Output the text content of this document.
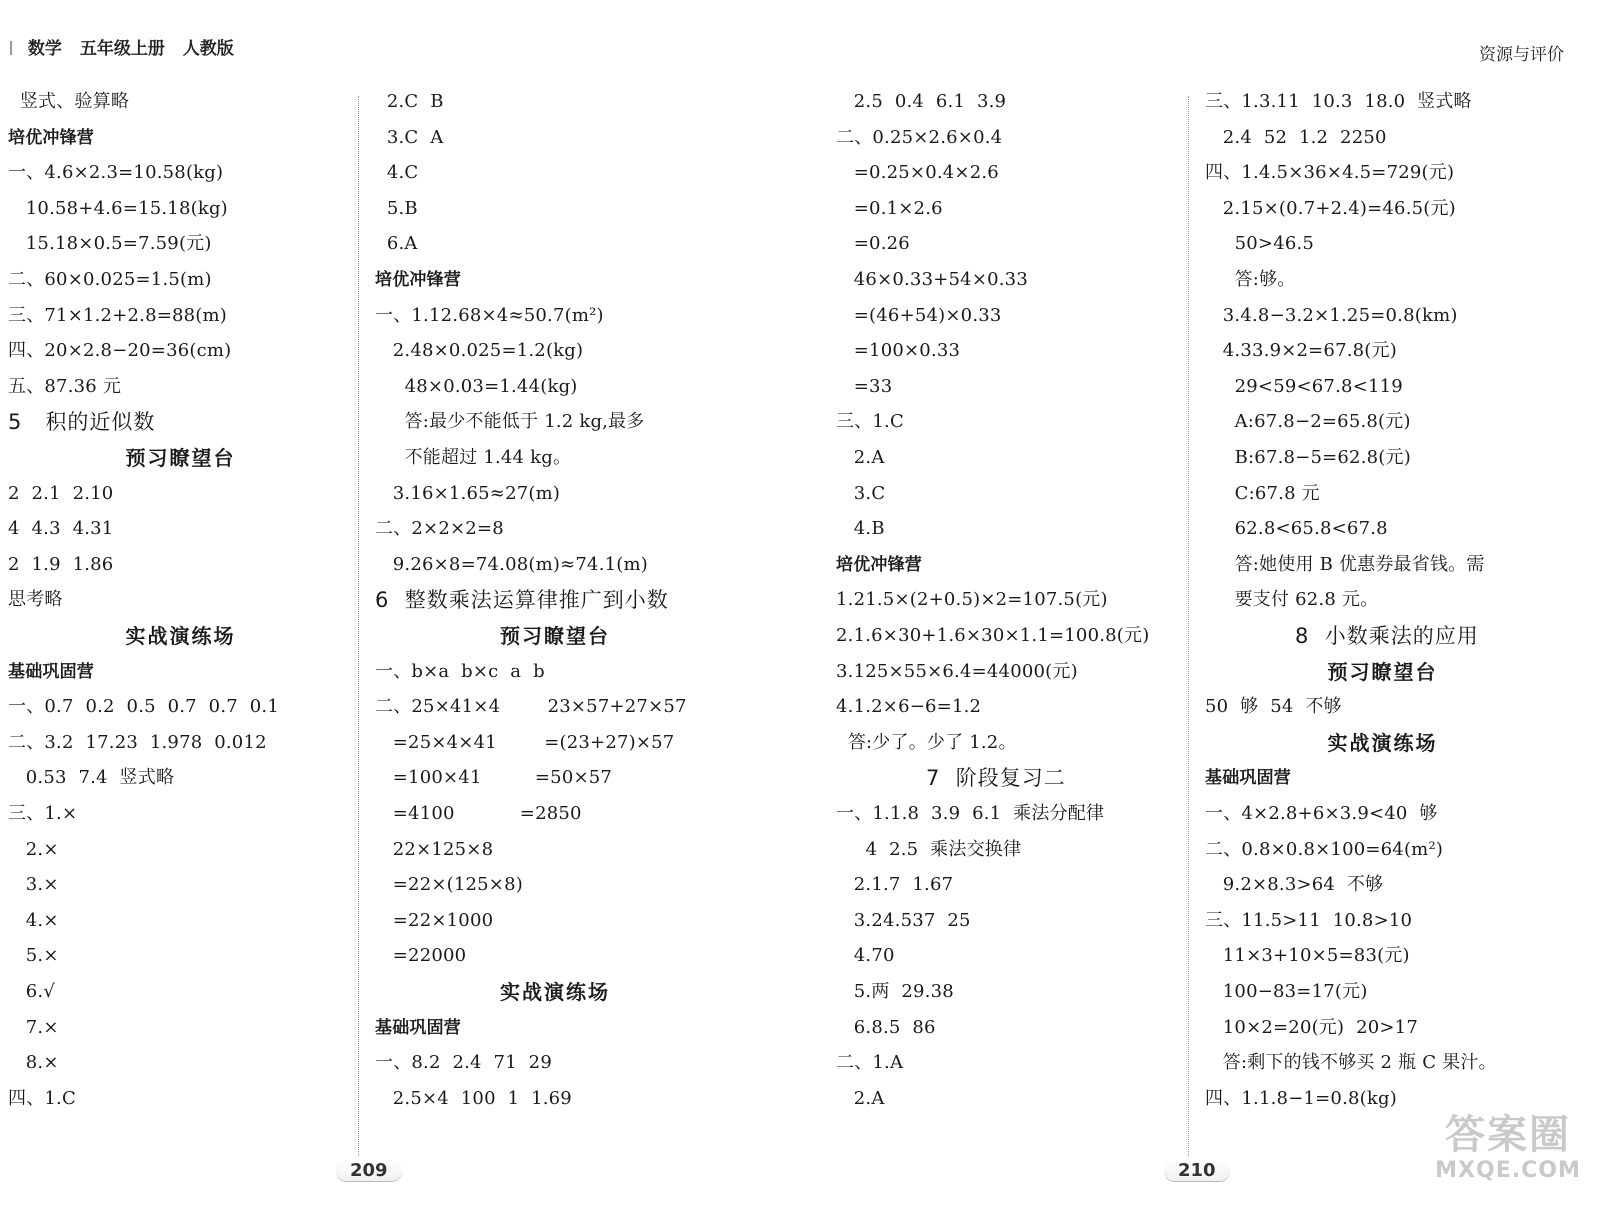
数学 五年级上册 人教版	资源与评价
竖式、验算略
培优冲锋营
一、4.6×2.3=10.58(kg)
10.58+4.6=15.18(kg)
15.18×0.5=7.59(元)
二、60×0.025=1.5(m)
三、71×1.2+2.8=88(m)
四、20×2.8−20=36(cm)
五、87.36 元
5   积的近似数
预习瞭望台
2  2.1  2.10
4  4.3  4.31
2  1.9  1.86
思考略
实战演练场
基础巩固营
一、0.7  0.2  0.5  0.7  0.7  0.1
二、3.2  17.23  1.978  0.012
0.53  7.4  竖式略
三、1.×
2.×
3.×
4.×
5.×
6.√
7.×
8.×
四、1.C
2.C  B
3.C  A
4.C
5.B
6.A
培优冲锋营
一、1.12.68×4≈50.7(m²)
2.48×0.025=1.2(kg)
48×0.03=1.44(kg)
答:最少不能低于 1.2 kg,最多
不能超过 1.44 kg。
3.16×1.65≈27(m)
二、2×2×2=8
9.26×8=74.08(m)≈74.1(m)
6  整数乘法运算律推广到小数
预习瞭望台
一、b×a  b×c  a  b
二、25×41×4        23×57+27×57
=25×4×41        =(23+27)×57
=100×41         =50×57
=4100           =2850
22×125×8
=22×(125×8)
=22×1000
=22000
实战演练场
基础巩固营
一、8.2  2.4  71  29
2.5×4  100  1  1.69
2.5  0.4  6.1  3.9
二、0.25×2.6×0.4
=0.25×0.4×2.6
=0.1×2.6
=0.26
46×0.33+54×0.33
=(46+54)×0.33
=100×0.33
=33
三、1.C
2.A
3.C
4.B
培优冲锋营
1.21.5×(2+0.5)×2=107.5(元)
2.1.6×30+1.6×30×1.1=100.8(元)
3.125×55×6.4=44000(元)
4.1.2×6−6=1.2
答:少了。少了 1.2。
7  阶段复习二
一、1.1.8  3.9  6.1  乘法分配律
4  2.5  乘法交换律
2.1.7  1.67
3.24.537  25
4.70
5.两  29.38
6.8.5  86
二、1.A
2.A
三、1.3.11  10.3  18.0  竖式略
2.4  52  1.2  2250
四、1.4.5×36×4.5=729(元)
2.15×(0.7+2.4)=46.5(元)
50>46.5
答:够。
3.4.8−3.2×1.25=0.8(km)
4.33.9×2=67.8(元)
29<59<67.8<119
A:67.8−2=65.8(元)
B:67.8−5=62.8(元)
C:67.8 元
62.8<65.8<67.8
答:她使用 B 优惠券最省钱。需
要支付 62.8 元。
8  小数乘法的应用
预习瞭望台
50  够  54  不够
实战演练场
基础巩固营
一、4×2.8+6×3.9<40  够
二、0.8×0.8×100=64(m²)
9.2×8.3>64  不够
三、11.5>11  10.8>10
11×3+10×5=83(元)
100−83=17(元)
10×2=20(元)  20>17
答:剩下的钱不够买 2 瓶 C 果汁。
四、1.1.8−1=0.8(kg)
209	210
答案圈
MXQE.COM
